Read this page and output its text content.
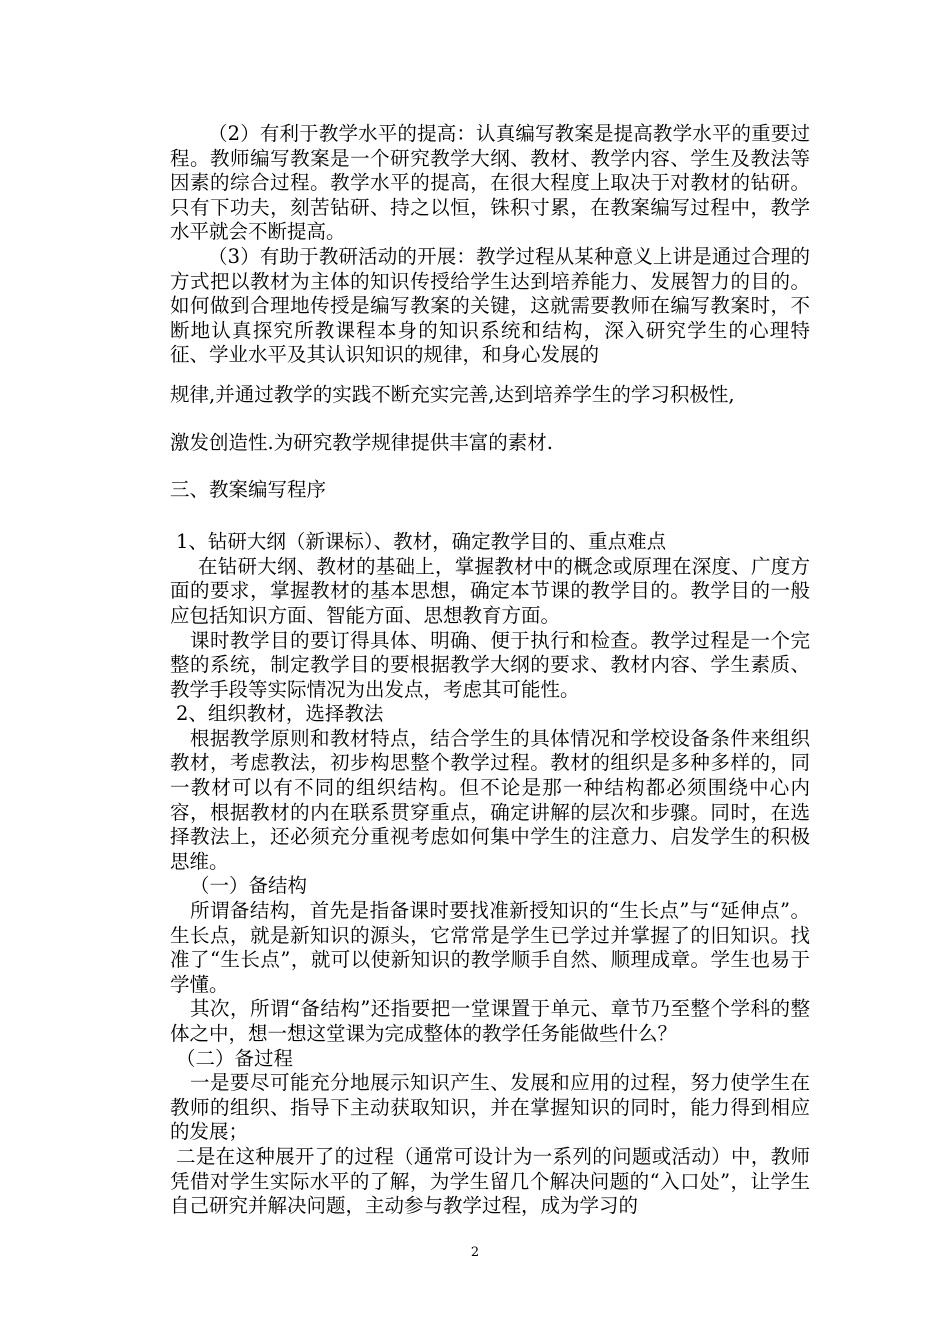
（2）有利于教学水平的提高：认真编写教案是提高教学水平的重要过程。教师编写教案是一个研究教学大纲、教材、教学内容、学生及教法等因素的综合过程。教学水平的提高，在很大程度上取决于对教材的钻研。只有下功夫，刻苦钻研、持之以恒，铢积寸累，在教案编写过程中，教学水平就会不断提高。

（3）有助于教研活动的开展：教学过程从某种意义上讲是通过合理的方式把以教材为主体的知识传授给学生达到培养能力、发展智力的目的。如何做到合理地传授是编写教案的关键，这就需要教师在编写教案时，不断地认真探究所教课程本身的知识系统和结构，深入研究学生的心理特征、学业水平及其认识知识的规律，和身心发展的

规律,并通过教学的实践不断充实完善,达到培养学生的学习积极性,

激发创造性.为研究教学规律提供丰富的素材.

三、教案编写程序

1、钻研大纲（新课标）、教材，确定教学目的、重点难点

在钻研大纲、教材的基础上，掌握教材中的概念或原理在深度、广度方面的要求，掌握教材的基本思想，确定本节课的教学目的。教学目的一般应包括知识方面、智能方面、思想教育方面。

课时教学目的要订得具体、明确、便于执行和检查。教学过程是一个完整的系统，制定教学目的要根据教学大纲的要求、教材内容、学生素质、教学手段等实际情况为出发点，考虑其可能性。

2、组织教材，选择教法

根据教学原则和教材特点，结合学生的具体情况和学校设备条件来组织教材，考虑教法，初步构思整个教学过程。教材的组织是多种多样的，同一教材可以有不同的组织结构。但不论是那一种结构都必须围绕中心内容，根据教材的内在联系贯穿重点，确定讲解的层次和步骤。同时，在选择教法上，还必须充分重视考虑如何集中学生的注意力、启发学生的积极思维。

（一）备结构

所谓备结构，首先是指备课时要找准新授知识的“生长点”与“延伸点”。生长点，就是新知识的源头，它常常是学生已学过并掌握了的旧知识。找准了“生长点”，就可以使新知识的教学顺手自然、顺理成章。学生也易于学懂。

其次，所谓“备结构”还指要把一堂课置于单元、章节乃至整个学科的整体之中，想一想这堂课为完成整体的教学任务能做些什么？

（二）备过程

一是要尽可能充分地展示知识产生、发展和应用的过程，努力使学生在教师的组织、指导下主动获取知识，并在掌握知识的同时，能力得到相应的发展；

二是在这种展开了的过程（通常可设计为一系列的问题或活动）中，教师凭借对学生实际水平的了解，为学生留几个解决问题的“入口处”，让学生自己研究并解决问题，主动参与教学过程，成为学习的

2
